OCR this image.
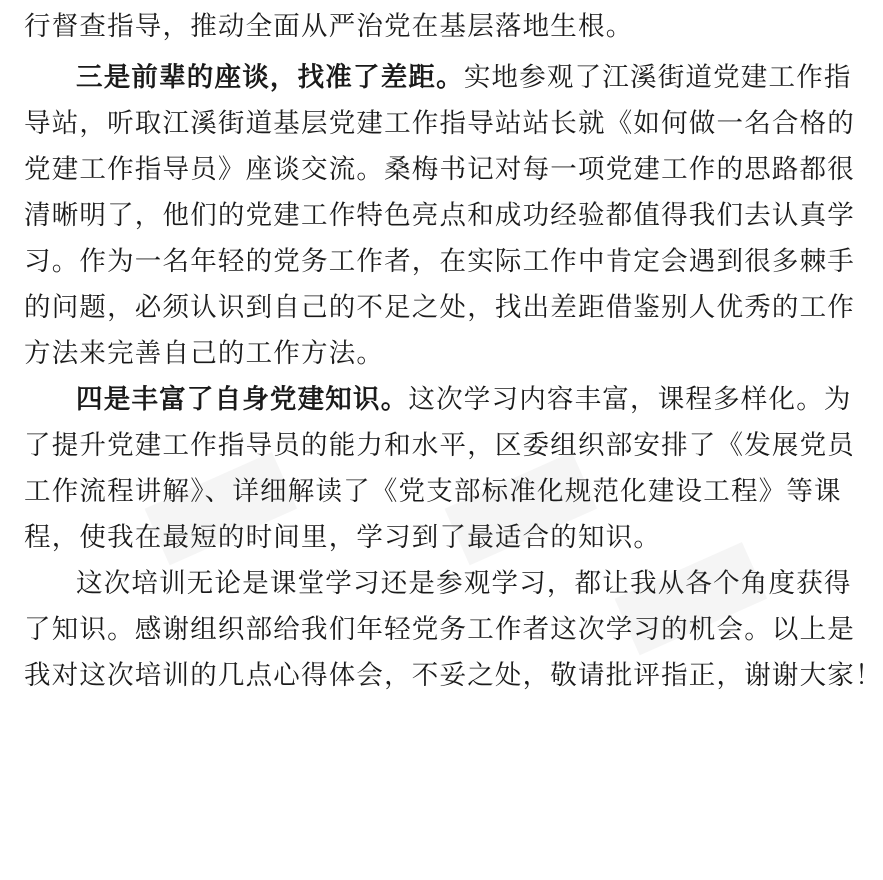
行督查指导，推动全面从严治党在基层落地生根。
三是前辈的座谈，找准了差距。实地参观了江溪街道党建工作指
导站，听取江溪街道基层党建工作指导站站长就《如何做一名合格的
党建工作指导员》座谈交流。桑梅书记对每一项党建工作的思路都很
清晰明了，他们的党建工作特色亮点和成功经验都值得我们去认真学
习。作为一名年轻的党务工作者，在实际工作中肯定会遇到很多棘手
的问题，必须认识到自己的不足之处，找出差距借鉴别人优秀的工作
方法来完善自己的工作方法。
四是丰富了自身党建知识。这次学习内容丰富，课程多样化。为
了提升党建工作指导员的能力和水平，区委组织部安排了《发展党员
工作流程讲解》、详细解读了《党支部标准化规范化建设工程》等课
程，使我在最短的时间里，学习到了最适合的知识。
这次培训无论是课堂学习还是参观学习，都让我从各个角度获得
了知识。感谢组织部给我们年轻党务工作者这次学习的机会。以上是
我对这次培训的几点心得体会，不妥之处，敬请批评指正，谢谢大家！
